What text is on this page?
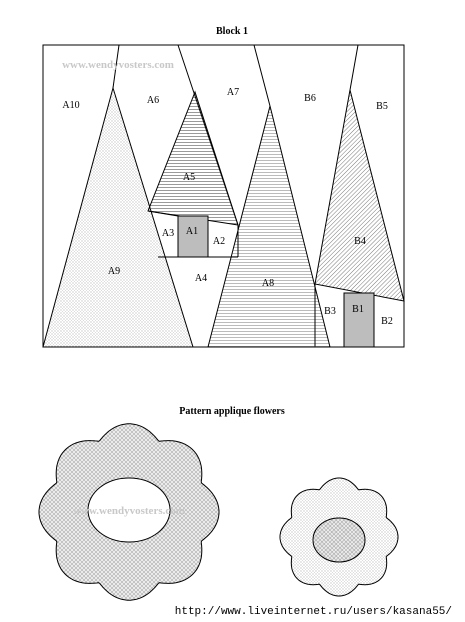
Block 1
www.wendyvosters.com
A10	A6
A7
B6
B5
A5
A1
A3
A2	B4
A9
A4	A8
B1
B3
B2
Pattern applique flowers
www.wendyvosters.com
http://www.liveinternet.ru/users/kasana55/
